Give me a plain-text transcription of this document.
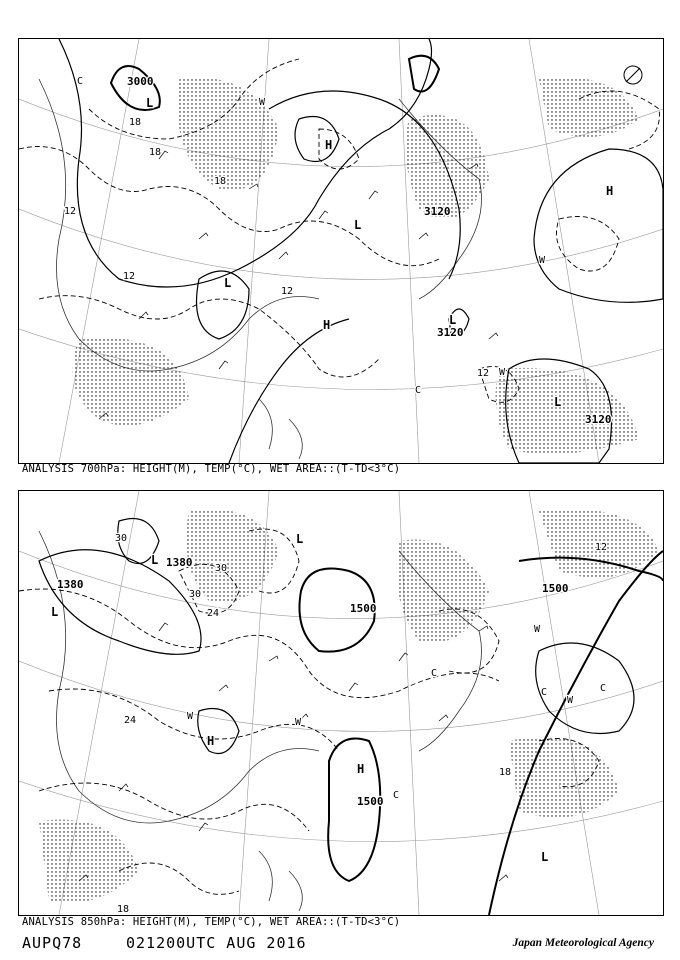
3000
3120
3120
3120
18
18
18
12
12
12
12
L
L
L
L
L
H
H
H
W
W
W
C
C
ANALYSIS 700hPa: HEIGHT(M), TEMP(°C), WET AREA::(T-TD<3°C)
1500
1500
1500
1380
1380
30
30
30
24
24
18
18
12
L
L
L
L
H
H
W
W
W
W
C
C	C
C
ANALYSIS 850hPa: HEIGHT(M), TEMP(°C), WET AREA::(T-TD<3°C)
AUPQ78	021200UTC AUG 2016	Japan Meteorological Agency
